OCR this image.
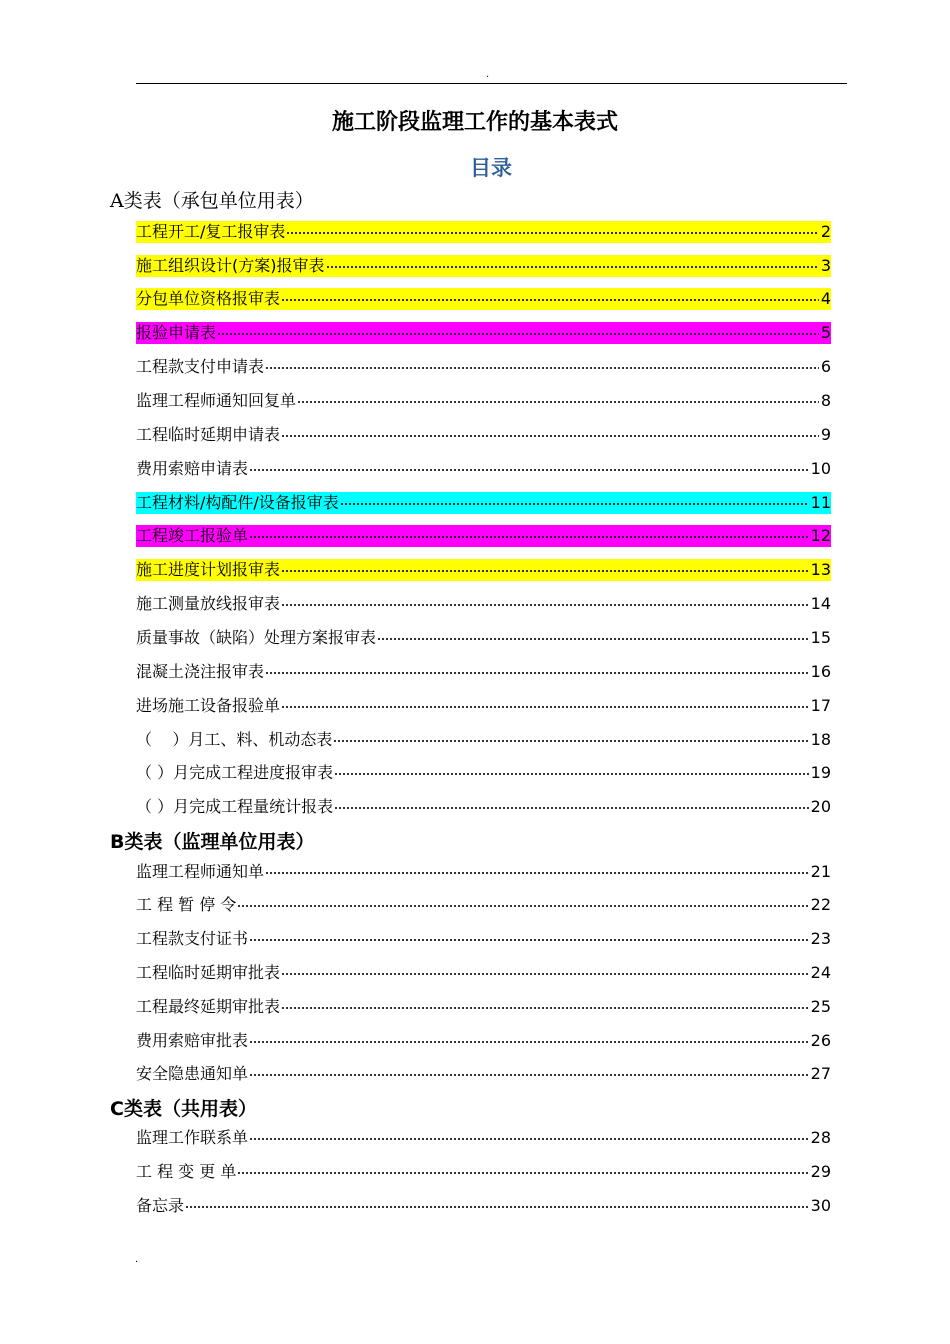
.
施工阶段监理工作的基本表式
目录
A类表（承包单位用表）
B类表（监理单位用表）
C类表（共用表）
工程开工/复工报审表	2
施工组织设计(方案)报审表	3
分包单位资格报审表	4
报验申请表	5
工程款支付申请表	6
监理工程师通知回复单	8
工程临时延期申请表	9
费用索赔申请表	10
工程材料/构配件/设备报审表	11
工程竣工报验单	12
施工进度计划报审表	13
施工测量放线报审表	14
质量事故（缺陷）处理方案报审表	15
混凝土浇注报审表	16
进场施工设备报验单	17
（    ）月工、料、机动态表	18
（ ）月完成工程进度报审表	19
（ ）月完成工程量统计报表	20
监理工程师通知单	21
工 程 暂 停 令	22
工程款支付证书	23
工程临时延期审批表	24
工程最终延期审批表	25
费用索赔审批表	26
安全隐患通知单	27
监理工作联系单	28
工 程 变 更 单	29
备忘录	30
.
